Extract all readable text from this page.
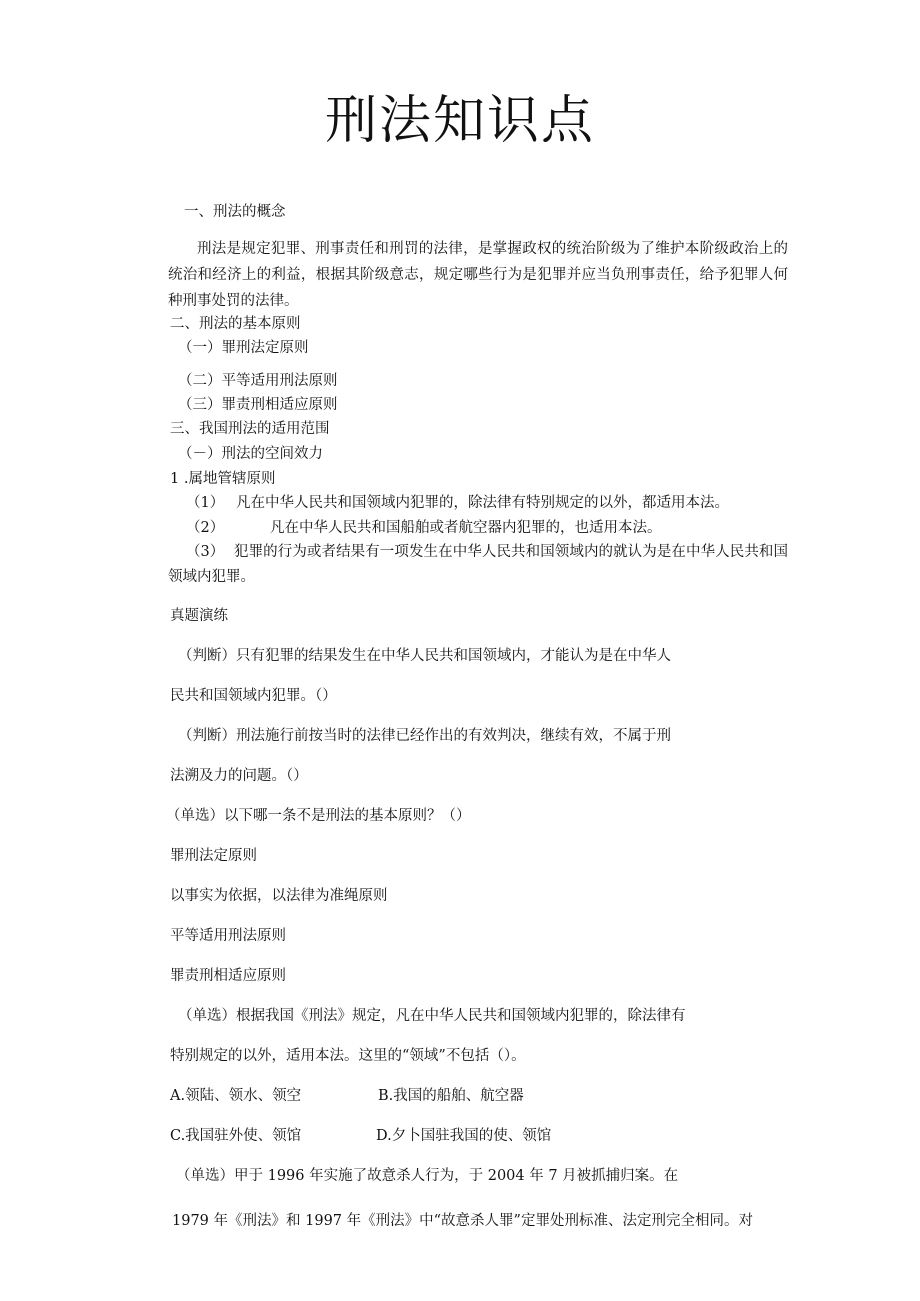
刑法知识点
一、刑法的概念
刑法是规定犯罪、刑事责任和刑罚的法律，是掌握政权的统治阶级为了维护本阶级政治上的统治和经济上的利益，根据其阶级意志，规定哪些行为是犯罪并应当负刑事责任，给予犯罪人何种刑事处罚的法律。
二、刑法的基本原则
（一）罪刑法定原则
（二）平等适用刑法原则
（三）罪责刑相适应原则
三、我国刑法的适用范围
（－）刑法的空间效力
1 .属地管辖原则
（1） 凡在中华人民共和国领域内犯罪的，除法律有特别规定的以外，都适用本法。
（2）	凡在中华人民共和国船舶或者航空器内犯罪的，也适用本法。
（3） 犯罪的行为或者结果有一项发生在中华人民共和国领域内的就认为是在中华人民共和国领域内犯罪。
真题演练
（判断）只有犯罪的结果发生在中华人民共和国领域内，才能认为是在中华人
民共和国领域内犯罪。（）
（判断）刑法施行前按当时的法律已经作出的有效判决，继续有效，不属于刑
法溯及力的问题。（）
（单选）以下哪一条不是刑法的基本原则？（）
罪刑法定原则
以事实为依据，以法律为准绳原则
平等适用刑法原则
罪责刑相适应原则
（单选）根据我国《刑法》规定，凡在中华人民共和国领域内犯罪的，除法律有
特别规定的以外，适用本法。这里的“领域”不包括（）。
A.领陆、领水、领空	B.我国的船舶、航空器
C.我国驻外使、领馆	D.夕卜国驻我国的使、领馆
（单选）甲于 1996 年实施了故意杀人行为，于 2004 年 7 月被抓捕归案。在
1979 年《刑法》和 1997 年《刑法》中“故意杀人罪”定罪处刑标准、法定刑完全相同。对
